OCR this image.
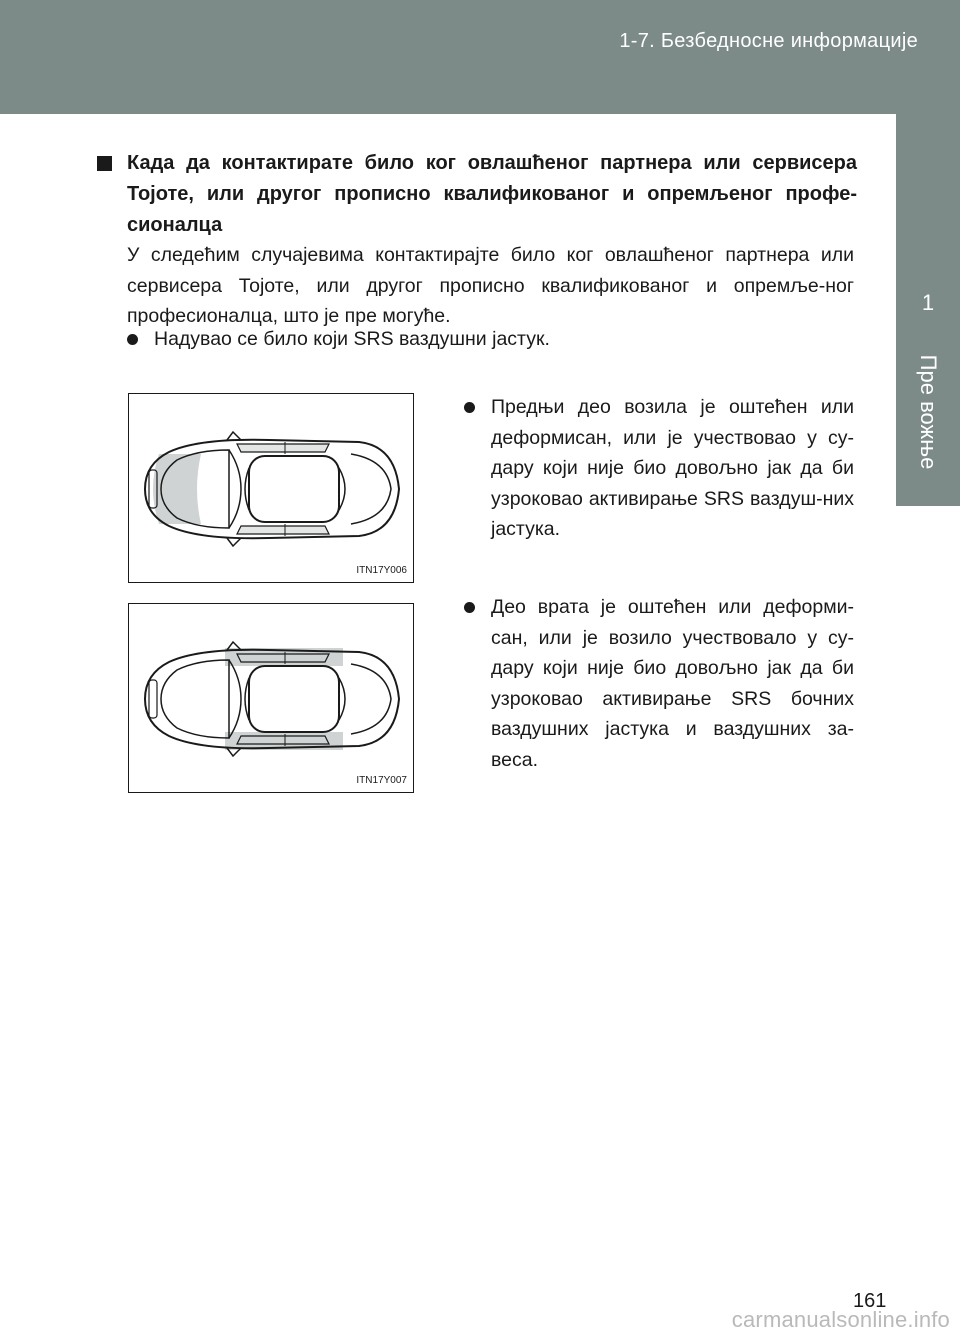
1-7. Безбедносне информације
1
Пре вожње
Када да контактирате било ког овлашћеног партнера или сервисера Тојоте, или другог прописно квалификованог и опремљеног профе-сионалца
У следећим случајевима контактирајте било ког овлашћеног партнера или сервисера Тојоте, или другог прописно квалификованог и опремље-ног професионалца, што је пре могуће.
Надувао се било који SRS ваздушни јастук.
ITN17Y006
Предњи део возила је оштећен или деформисан, или је учествовао у су-дару који није био довољно јак да би узроковао активирање SRS ваздуш-них јастука.
ITN17Y007
Део врата је оштећен или деформи-сан, или је возило учествовало у су-дару који није био довољно јак да би узроковао активирање SRS бочних ваздушних јастука и ваздушних за-веса.
161
carmanualsonline.info
